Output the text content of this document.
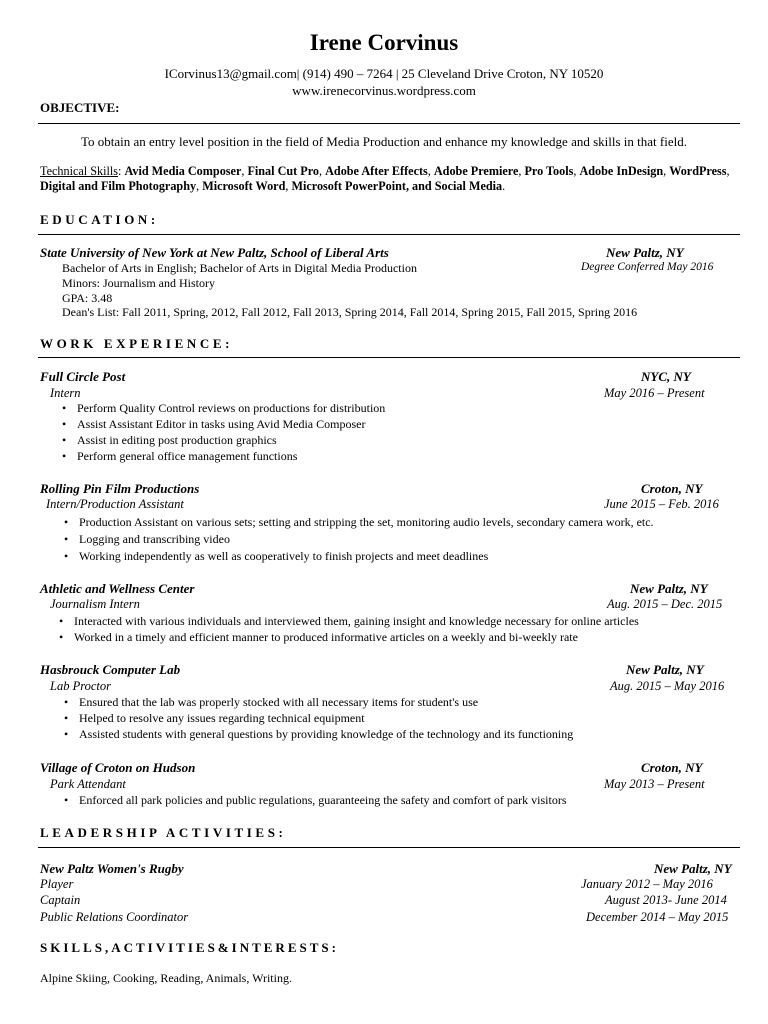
Irene Corvinus
ICorvinus13@gmail.com| (914) 490 – 7264 | 25 Cleveland Drive Croton, NY 10520
www.irenecorvinus.wordpress.com
OBJECTIVE:
To obtain an entry level position in the field of Media Production and enhance my knowledge and skills in that field.
Technical Skills: Avid Media Composer, Final Cut Pro, Adobe After Effects, Adobe Premiere, Pro Tools, Adobe InDesign, WordPress, Digital and Film Photography, Microsoft Word, Microsoft PowerPoint, and Social Media.
EDUCATION:
State University of New York at New Paltz, School of Liberal Arts	New Paltz, NY
Bachelor of Arts in English; Bachelor of Arts in Digital Media Production	Degree Conferred May 2016
Minors: Journalism and History
GPA: 3.48
Dean's List: Fall 2011, Spring, 2012, Fall 2012, Fall 2013, Spring 2014, Fall 2014, Spring 2015, Fall 2015, Spring 2016
WORK EXPERIENCE:
Full Circle Post	NYC, NY
Intern	May 2016 – Present
• Perform Quality Control reviews on productions for distribution
• Assist Assistant Editor in tasks using Avid Media Composer
• Assist in editing post production graphics
• Perform general office management functions
Rolling Pin Film Productions	Croton, NY
Intern/Production Assistant	June 2015 – Feb. 2016
• Production Assistant on various sets; setting and stripping the set, monitoring audio levels, secondary camera work, etc.
• Logging and transcribing video
• Working independently as well as cooperatively to finish projects and meet deadlines
Athletic and Wellness Center	New Paltz, NY
Journalism Intern	Aug. 2015 – Dec. 2015
• Interacted with various individuals and interviewed them, gaining insight and knowledge necessary for online articles
• Worked in a timely and efficient manner to produced informative articles on a weekly and bi-weekly rate
Hasbrouck Computer Lab	New Paltz, NY
Lab Proctor	Aug. 2015 – May 2016
• Ensured that the lab was properly stocked with all necessary items for student's use
• Helped to resolve any issues regarding technical equipment
• Assisted students with general questions by providing knowledge of the technology and its functioning
Village of Croton on Hudson	Croton, NY
Park Attendant	May 2013 – Present
• Enforced all park policies and public regulations, guaranteeing the safety and comfort of park visitors
LEADERSHIP ACTIVITIES:
New Paltz Women's Rugby	New Paltz, NY
Player	January 2012 – May 2016
Captain	August 2013- June 2014
Public Relations Coordinator	December 2014 – May 2015
SKILLS,ACTIVITIES&INTERESTS:
Alpine Skiing, Cooking, Reading, Animals, Writing.
